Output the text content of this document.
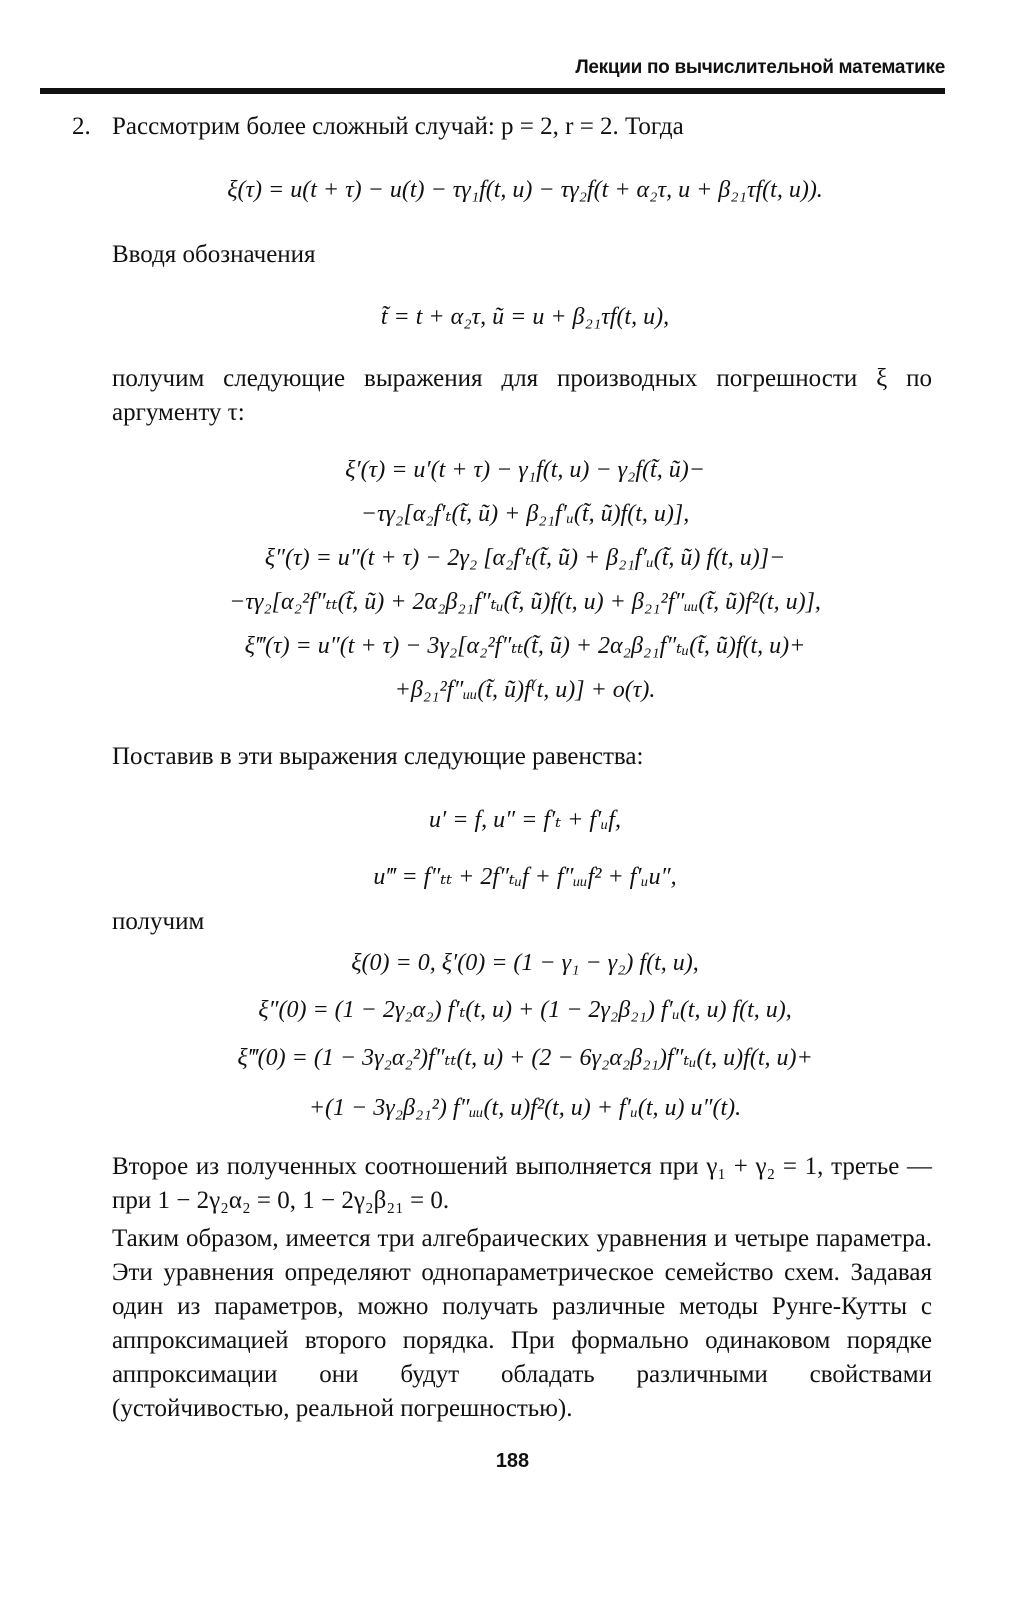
Лекции по вычислительной математике
2. Рассмотрим более сложный случай: p = 2, r = 2. Тогда

ξ(τ) = u(t + τ) − u(t) − τγ₁f(t, u) − τγ₂f(t + α₂τ, u + β₂₁τf(t, u)).

Вводя обозначения

t̃ = t + α₂τ, ũ = u + β₂₁τf(t, u),

получим следующие выражения для производных погрешности ξ по аргументу τ:

ξ′(τ) = u′(t + τ) − γ₁f(t, u) − γ₂f(t̃, ũ)−
−τγ₂[α₂f′ₜ(t̃, ũ) + β₂₁f′ᵤ(t̃, ũ)f(t, u)],
ξ″(τ) = u″(t + τ) − 2γ₂ [α₂f′ₜ(t̃, ũ) + β₂₁f′ᵤ(t̃, ũ) f(t, u)]−
−τγ₂[α₂²f″ₜₜ(t̃, ũ) + 2α₂β₂₁f″ₜᵤ(t̃, ũ)f(t, u) + β₂₁²f″ᵤᵤ(t̃, ũ)f²(t, u)],
ξ‴(τ) = u″(t + τ) − 3γ₂[α₂²f″ₜₜ(t̃, ũ) + 2α₂β₂₁f″ₜᵤ(t̃, ũ)f(t, u)+
+β₂₁²f″ᵤᵤ(t̃, ũ)f⁽t, u)] + o(τ).

Поставив в эти выражения следующие равенства:

u′ = f, u″ = f′ₜ + f′ᵤf,
u‴ = f″ₜₜ + 2f″ₜᵤf + f″ᵤᵤf² + f′ᵤu″,

получим

ξ(0) = 0, ξ′(0) = (1 − γ₁ − γ₂) f(t, u),
ξ″(0) = (1 − 2γ₂α₂) f′ₜ(t, u) + (1 − 2γ₂β₂₁) f′ᵤ(t, u) f(t, u),
ξ‴(0) = (1 − 3γ₂α₂²)f″ₜₜ(t, u) + (2 − 6γ₂α₂β₂₁)f″ₜᵤ(t, u)f(t, u)+
+(1 − 3γ₂β₂₁²) f″ᵤᵤ(t, u)f²(t, u) + f′ᵤ(t, u) u″(t).

Второе из полученных соотношений выполняется при γ₁ + γ₂ = 1, третье — при 1 − 2γ₂α₂ = 0, 1 − 2γ₂β₂₁ = 0.

Таким образом, имеется три алгебраических уравнения и четыре параметра. Эти уравнения определяют однопараметрическое семейство схем. Задавая один из параметров, можно получать различные методы Рунге-Кутты с аппроксимацией второго порядка. При формально одинаковом порядке аппроксимации они будут обладать различными свойствами (устойчивостью, реальной погрешностью).

188
